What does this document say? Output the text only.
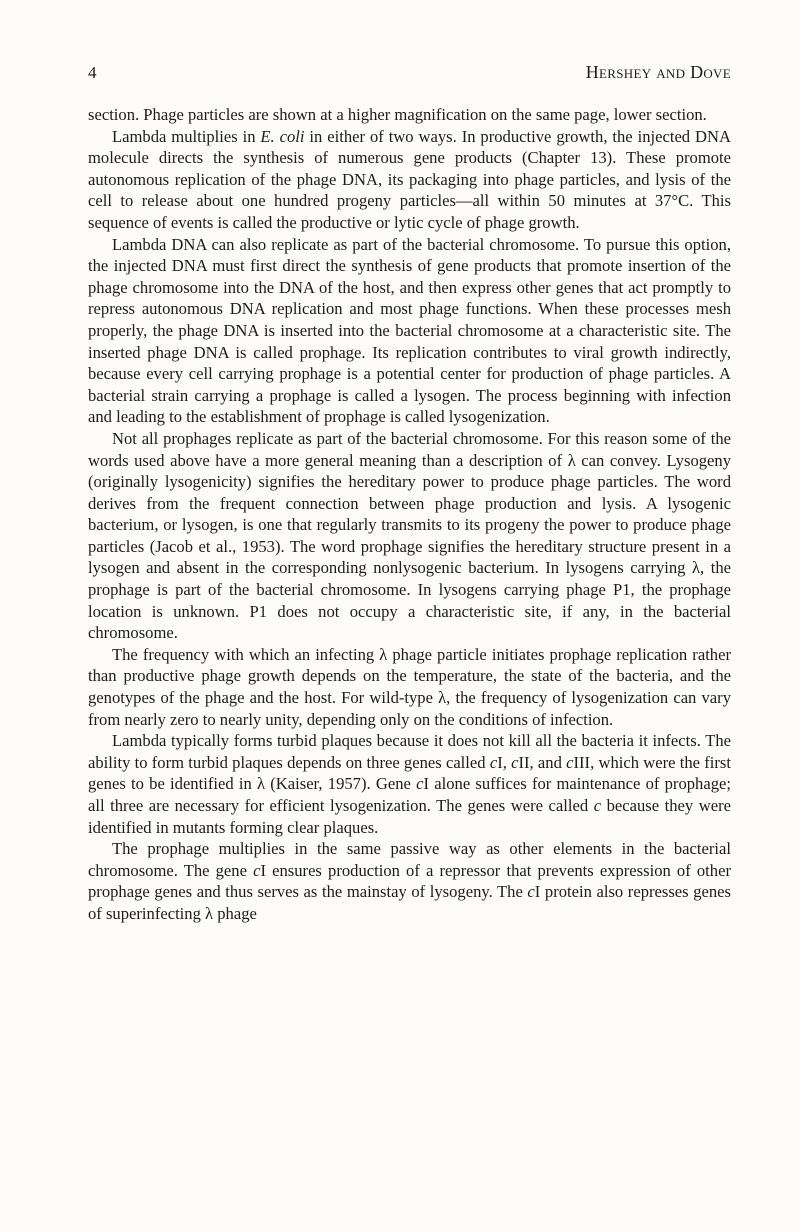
4	Hershey and Dove

section. Phage particles are shown at a higher magnification on the same page, lower section.

Lambda multiplies in E. coli in either of two ways. In productive growth, the injected DNA molecule directs the synthesis of numerous gene products (Chapter 13). These promote autonomous replication of the phage DNA, its packaging into phage particles, and lysis of the cell to release about one hundred progeny particles—all within 50 minutes at 37°C. This sequence of events is called the productive or lytic cycle of phage growth.

Lambda DNA can also replicate as part of the bacterial chromosome. To pursue this option, the injected DNA must first direct the synthesis of gene products that promote insertion of the phage chromosome into the DNA of the host, and then express other genes that act promptly to repress autonomous DNA replication and most phage functions. When these processes mesh properly, the phage DNA is inserted into the bacterial chromosome at a characteristic site. The inserted phage DNA is called prophage. Its replication contributes to viral growth indirectly, because every cell carrying prophage is a potential center for production of phage particles. A bacterial strain carrying a prophage is called a lysogen. The process beginning with infection and leading to the establishment of prophage is called lysogenization.

Not all prophages replicate as part of the bacterial chromosome. For this reason some of the words used above have a more general meaning than a description of λ can convey. Lysogeny (originally lysogenicity) signifies the hereditary power to produce phage particles. The word derives from the frequent connection between phage production and lysis. A lysogenic bacterium, or lysogen, is one that regularly transmits to its progeny the power to produce phage particles (Jacob et al., 1953). The word prophage signifies the hereditary structure present in a lysogen and absent in the corresponding nonlysogenic bacterium. In lysogens carrying λ, the prophage is part of the bacterial chromosome. In lysogens carrying phage P1, the prophage location is unknown. P1 does not occupy a characteristic site, if any, in the bacterial chromosome.

The frequency with which an infecting λ phage particle initiates prophage replication rather than productive phage growth depends on the temperature, the state of the bacteria, and the genotypes of the phage and the host. For wild-type λ, the frequency of lysogenization can vary from nearly zero to nearly unity, depending only on the conditions of infection.

Lambda typically forms turbid plaques because it does not kill all the bacteria it infects. The ability to form turbid plaques depends on three genes called cI, cII, and cIII, which were the first genes to be identified in λ (Kaiser, 1957). Gene cI alone suffices for maintenance of prophage; all three are necessary for efficient lysogenization. The genes were called c because they were identified in mutants forming clear plaques.

The prophage multiplies in the same passive way as other elements in the bacterial chromosome. The gene cI ensures production of a repressor that prevents expression of other prophage genes and thus serves as the mainstay of lysogeny. The cI protein also represses genes of superinfecting λ phage
